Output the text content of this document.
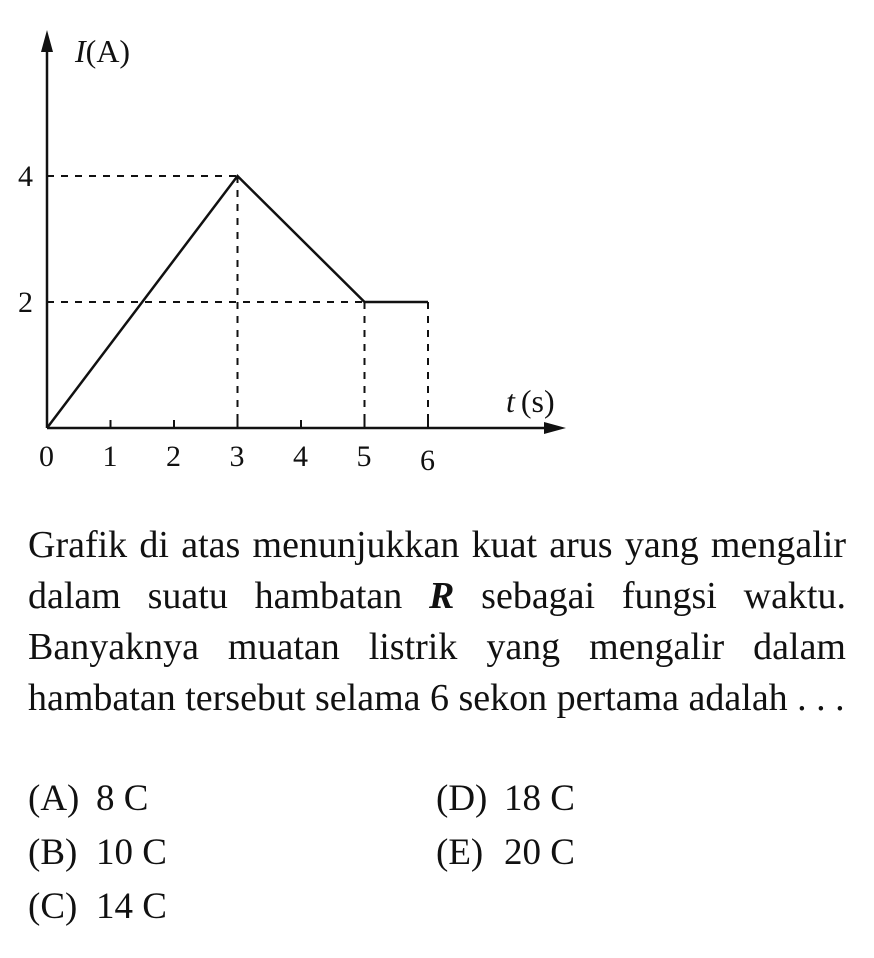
I(A)
t (s)
0 1 2 3 4 5 6
2
4

Grafik di atas menunjukkan kuat arus yang mengalir dalam suatu hambatan R sebagai fungsi waktu. Banyaknya muatan listrik yang mengalir dalam hambatan tersebut selama 6 sekon pertama adalah . . .

(A) 8 C	(D) 18 C
(B) 10 C	(E) 20 C
(C) 14 C
